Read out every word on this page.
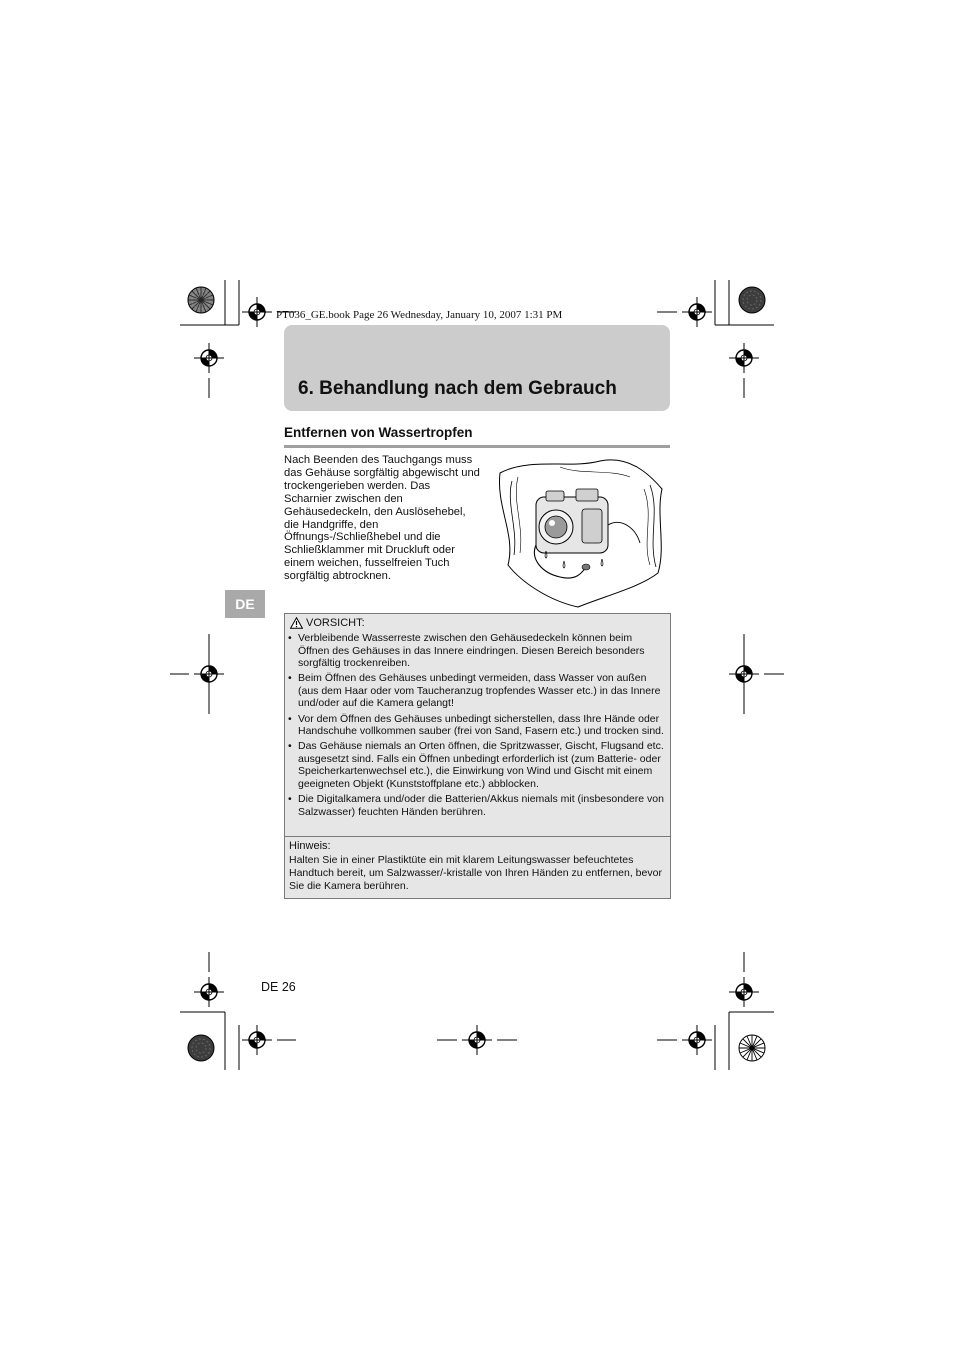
PT036_GE.book Page 26 Wednesday, January 10, 2007 1:31 PM
6. Behandlung nach dem Gebrauch
Entfernen von Wassertropfen

Nach Beenden des Tauchgangs muss das Gehäuse sorgfältig abgewischt und trockengerieben werden. Das Scharnier zwischen den Gehäusedeckeln, den Auslösehebel, die Handgriffe, den Öffnungs-/Schließhebel und die Schließklammer mit Druckluft oder einem weichen, fusselfreien Tuch sorgfältig abtrocknen.

DE
VORSICHT:
• Verbleibende Wasserreste zwischen den Gehäusedeckeln können beim Öffnen des Gehäuses in das Innere eindringen. Diesen Bereich besonders sorgfältig trockenreiben.
• Beim Öffnen des Gehäuses unbedingt vermeiden, dass Wasser von außen (aus dem Haar oder vom Taucheranzug tropfendes Wasser etc.) in das Innere und/oder auf die Kamera gelangt!
• Vor dem Öffnen des Gehäuses unbedingt sicherstellen, dass Ihre Hände oder Handschuhe vollkommen sauber (frei von Sand, Fasern etc.) und trocken sind.
• Das Gehäuse niemals an Orten öffnen, die Spritzwasser, Gischt, Flugsand etc. ausgesetzt sind. Falls ein Öffnen unbedingt erforderlich ist (zum Batterie- oder Speicherkartenwechsel etc.), die Einwirkung von Wind und Gischt mit einem geeigneten Objekt (Kunststoffplane etc.) abblocken.
• Die Digitalkamera und/oder die Batterien/Akkus niemals mit (insbesondere von Salzwasser) feuchten Händen berühren.
Hinweis:

Halten Sie in einer Plastiktüte ein mit klarem Leitungswasser befeuchtetes Handtuch bereit, um Salzwasser/-kristalle von Ihren Händen zu entfernen, bevor Sie die Kamera berühren.

DE 26
